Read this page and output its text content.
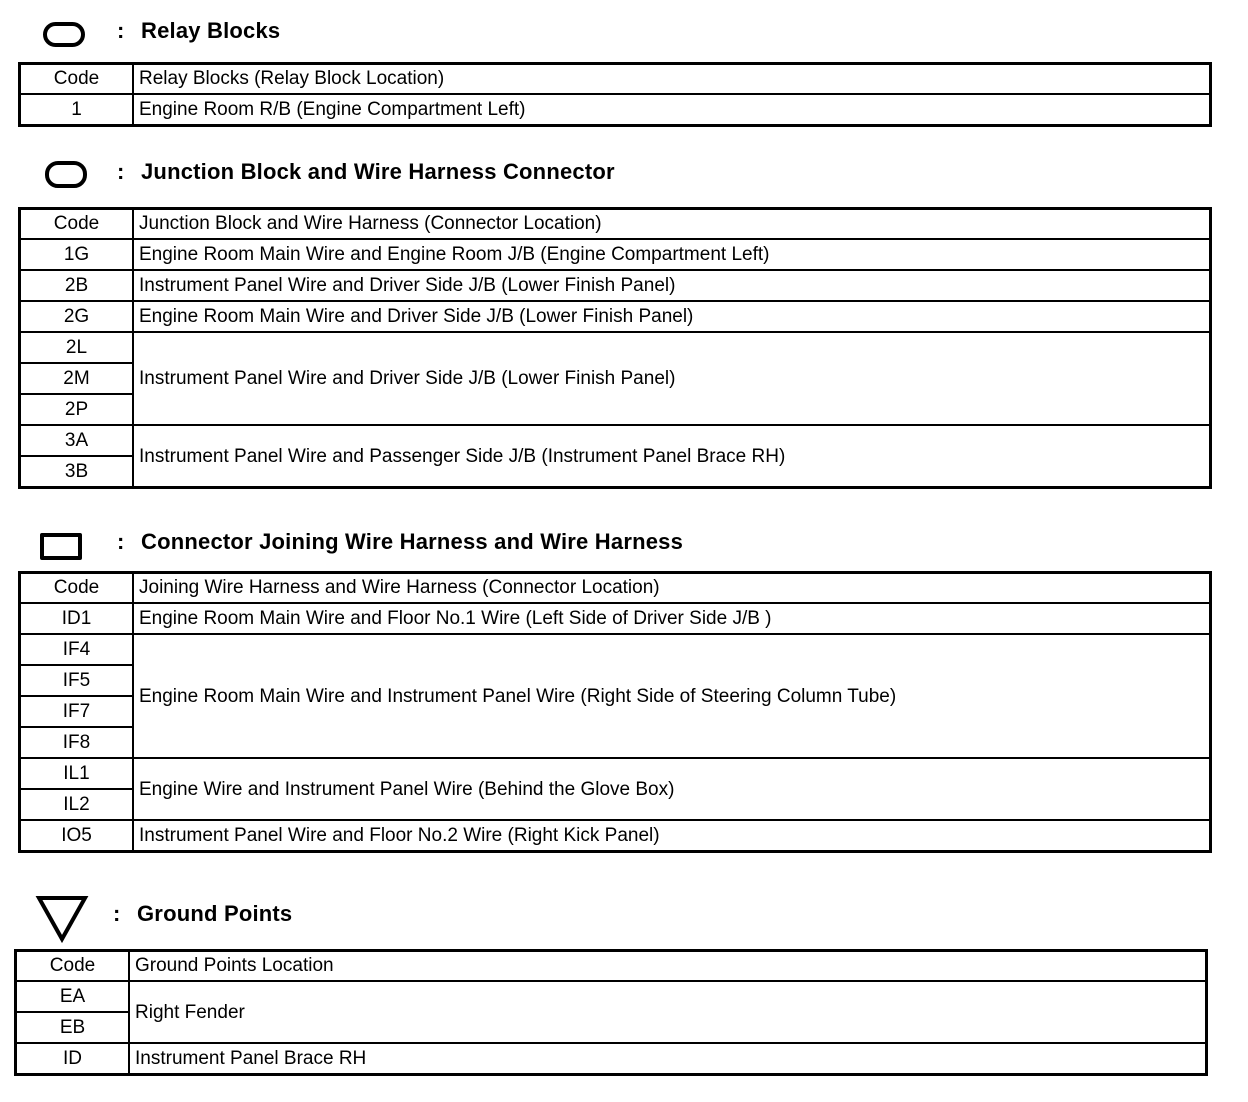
: Relay Blocks
Code	Relay Blocks (Relay Block Location)
1	Engine Room R/B (Engine Compartment Left)
: Junction Block and Wire Harness Connector
Code	Junction Block and Wire Harness (Connector Location)
1G	Engine Room Main Wire and Engine Room J/B (Engine Compartment Left)
2B	Instrument Panel Wire and Driver Side J/B (Lower Finish Panel)
2G	Engine Room Main Wire and Driver Side J/B (Lower Finish Panel)
2L	Instrument Panel Wire and Driver Side J/B (Lower Finish Panel)
2M	
2P	
3A	Instrument Panel Wire and Passenger Side J/B (Instrument Panel Brace RH)
3B	
: Connector Joining Wire Harness and Wire Harness
Code	Joining Wire Harness and Wire Harness (Connector Location)
ID1	Engine Room Main Wire and Floor No.1 Wire (Left Side of Driver Side J/B )
IF4	Engine Room Main Wire and Instrument Panel Wire (Right Side of Steering Column Tube)
IF5	
IF7	
IF8	
IL1	Engine Wire and Instrument Panel Wire (Behind the Glove Box)
IL2	
IO5	Instrument Panel Wire and Floor No.2 Wire (Right Kick Panel)
: Ground Points
Code	Ground Points Location
EA	Right Fender
EB	
ID	Instrument Panel Brace RH
